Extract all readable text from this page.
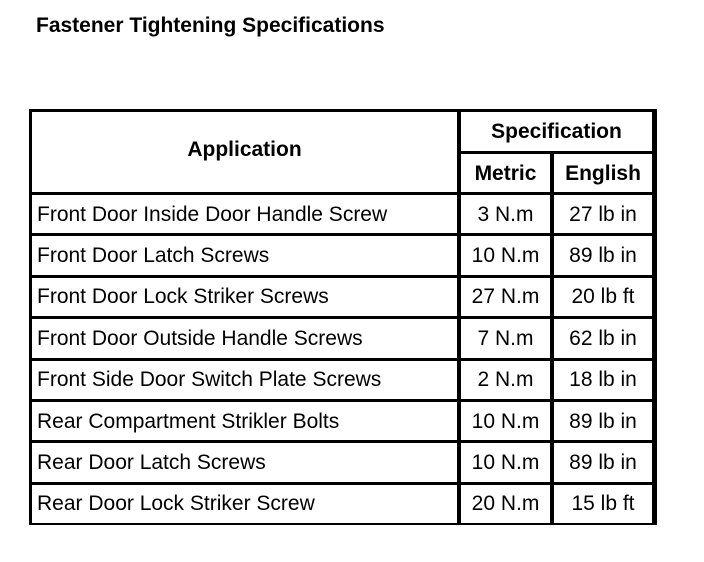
Fastener Tightening Specifications
Application
Specification
Metric	English
Front Door Inside Door Handle Screw	3 N.m	27 lb in
Front Door Latch Screws	10 N.m	89 lb in
Front Door Lock Striker Screws	27 N.m	20 lb ft
Front Door Outside Handle Screws	7 N.m	62 lb in
Front Side Door Switch Plate Screws	2 N.m	18 lb in
Rear Compartment Strikler Bolts	10 N.m	89 lb in
Rear Door Latch Screws	10 N.m	89 lb in
Rear Door Lock Striker Screw	20 N.m	15 lb ft
